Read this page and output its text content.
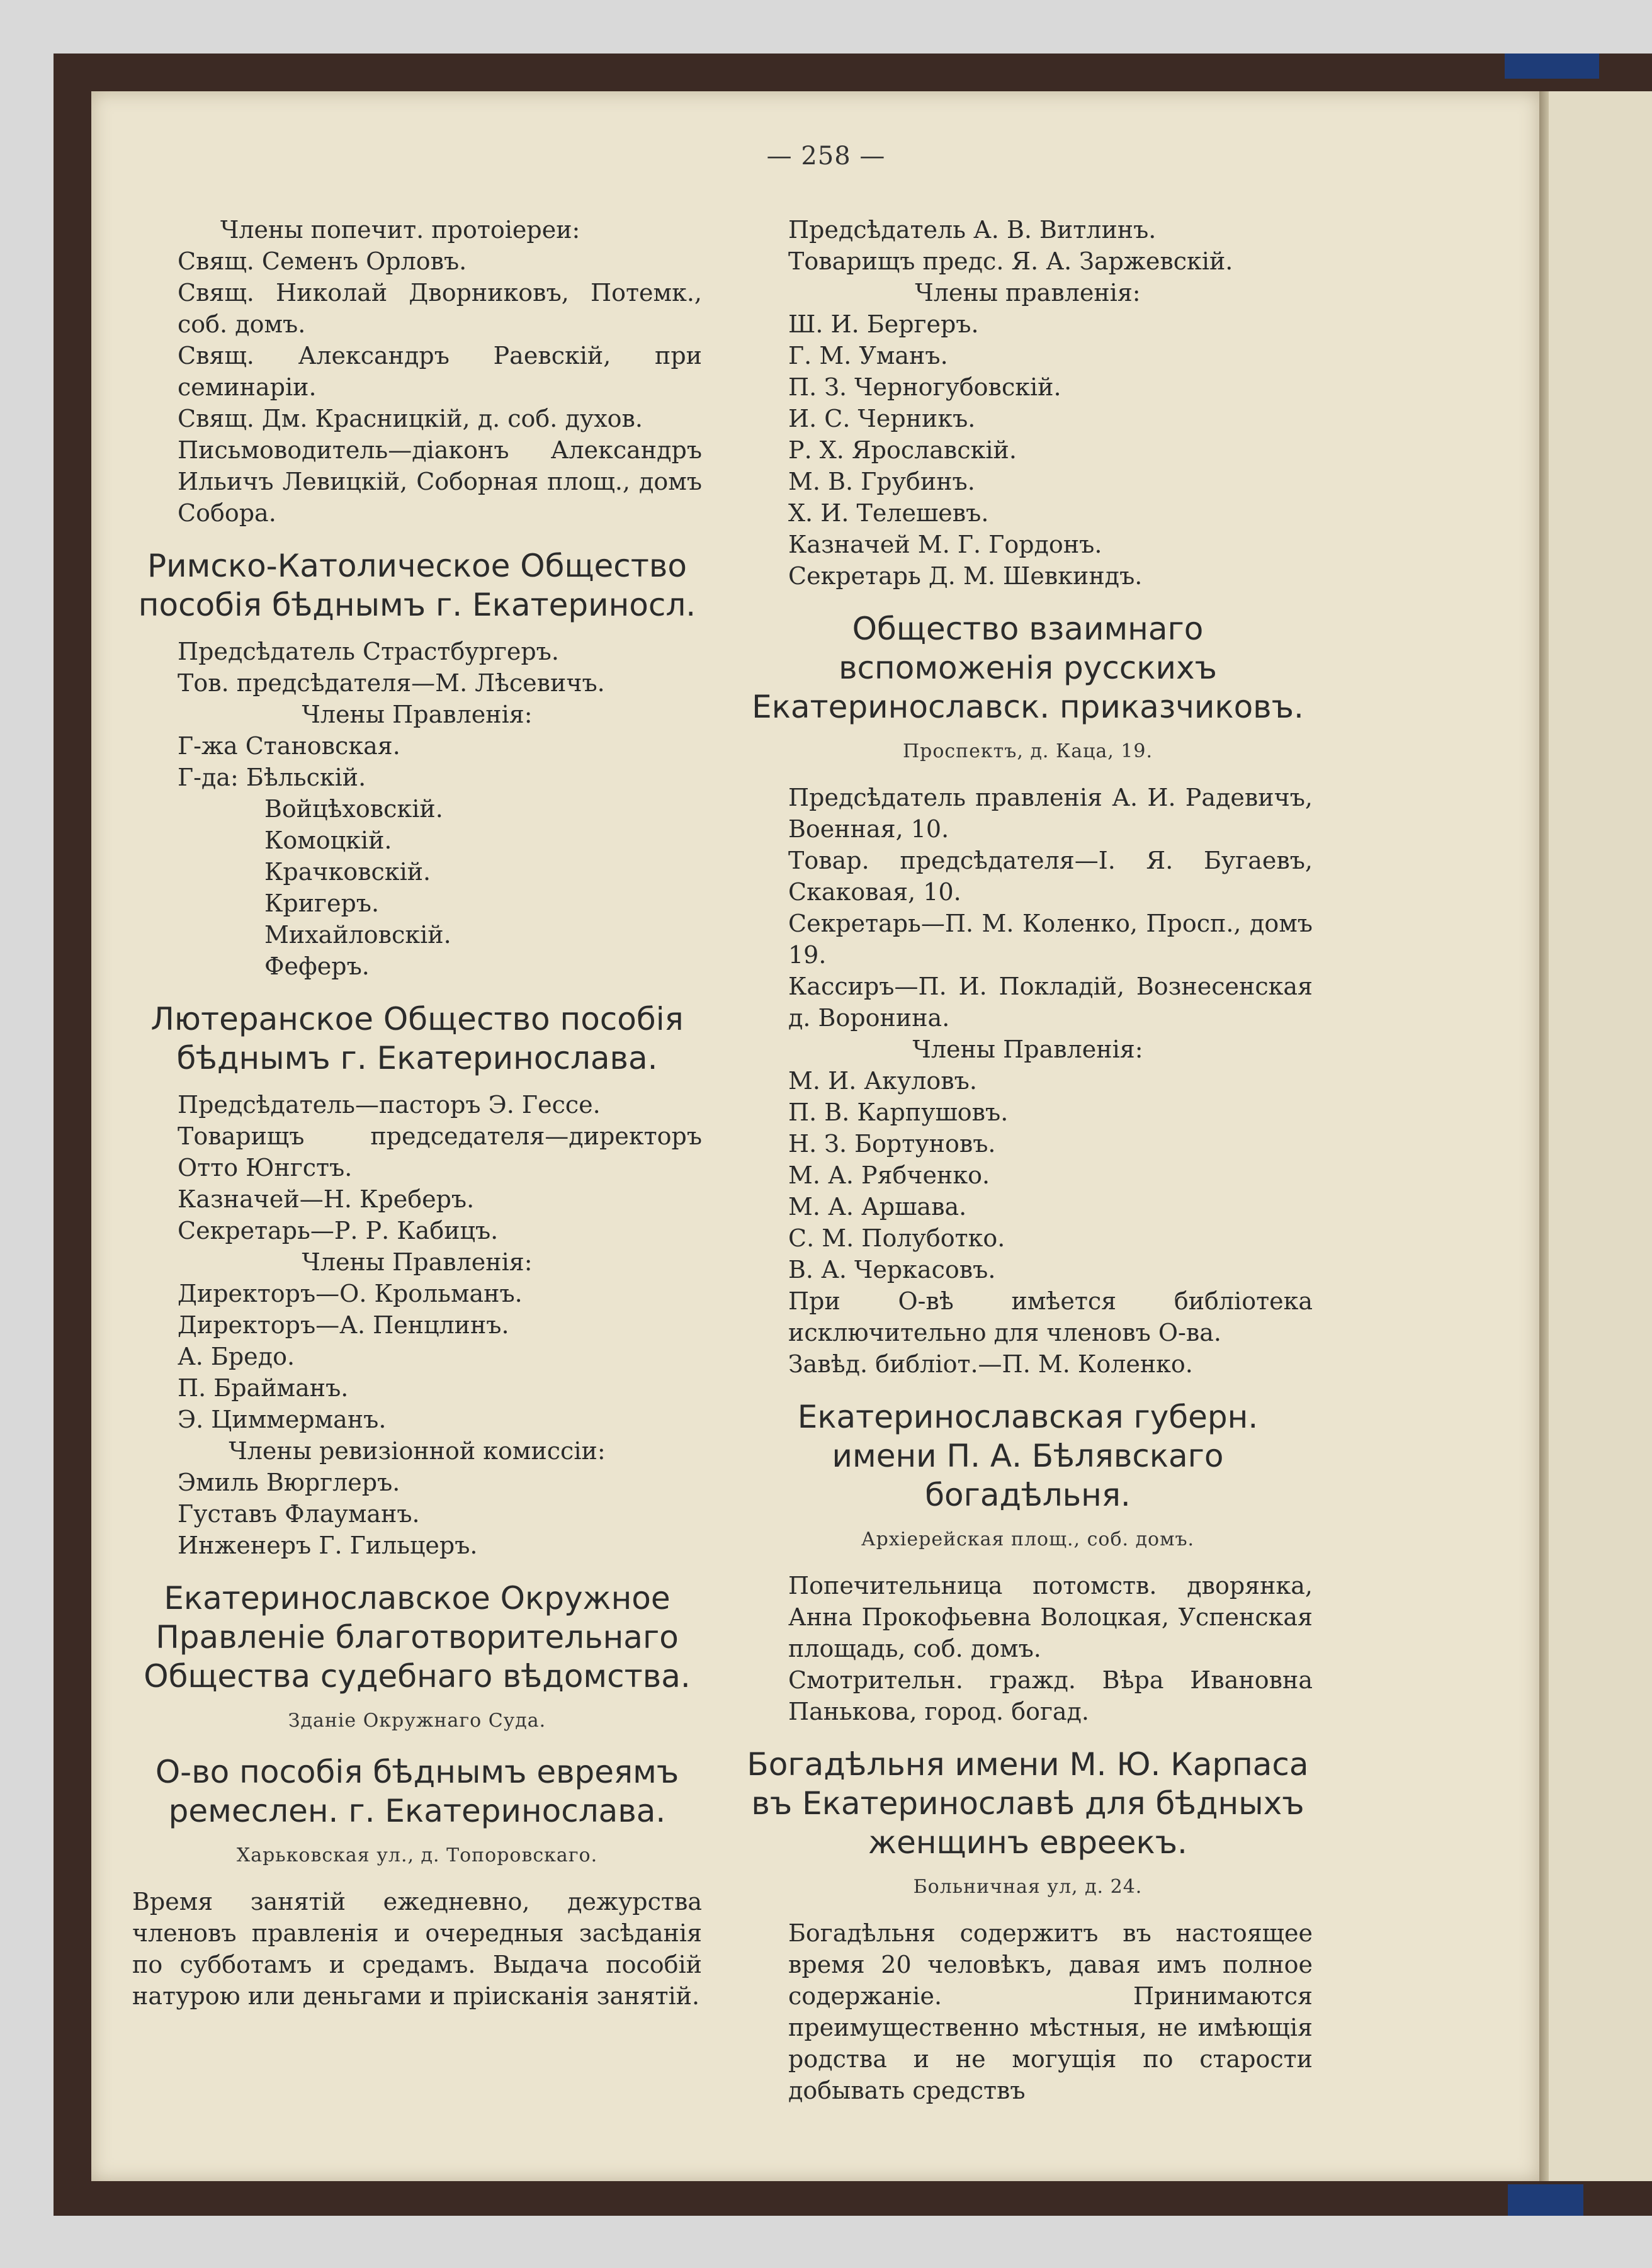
— 258 —

Члены попечит. протоіереи:

Свящ. Семенъ Орловъ.

Свящ. Николай Дворниковъ, Потемк., соб. домъ.

Свящ. Александръ Раевскій, при семинаріи.

Свящ. Дм. Красницкій, д. соб. духов.

Письмоводитель—діаконъ Александръ Ильичъ Левицкій, Соборная площ., домъ Собора.

Римско-Католическое Общество пособія бѣднымъ г. Екатериносл.

Предсѣдатель Страстбургеръ.

Тов. предсѣдателя—М. Лѣсевичъ.

Члены Правленія:

Г-жа Становская.

Г-да: Бѣльскій.

Войцѣховскій.

Комоцкій.

Крачковскій.

Кригеръ.

Михайловскій.

Феферъ.

Лютеранское Общество пособія бѣднымъ г. Екатеринослава.

Предсѣдатель—пасторъ Э. Гессе.

Товарищъ председателя—директоръ Отто Юнгстъ.

Казначей—Н. Креберъ.

Секретарь—Р. Р. Кабицъ.

Члены Правленія:

Директоръ—О. Крольманъ.

Директоръ—А. Пенцлинъ.

А. Бредо.

П. Брайманъ.

Э. Циммерманъ.

Члены ревизіонной комиссіи:

Эмиль Вюрглеръ.

Густавъ Флауманъ.

Инженеръ Г. Гильцеръ.

Екатеринославское Окружное Правленіе благотворительнаго Общества судебнаго вѣдомства.
Зданіе Окружнаго Суда.
О-во пособія бѣднымъ евреямъ ремеслен. г. Екатеринослава.
Харьковская ул., д. Топоровскаго.

Время занятій ежедневно, дежурства членовъ правленія и очередныя засѣданія по субботамъ и средамъ. Выдача пособій натурою или деньгами и пріисканія занятій.

Предсѣдатель А. В. Витлинъ.

Товарищъ предс. Я. А. Заржевскій.

Члены правленія:

Ш. И. Бергеръ.

Г. М. Уманъ.

П. З. Черногубовскій.

И. С. Черникъ.

Р. Х. Ярославскій.

М. В. Грубинъ.

Х. И. Телешевъ.

Казначей М. Г. Гордонъ.

Секретарь Д. М. Шевкиндъ.

Общество взаимнаго вспоможенія русскихъ Екатеринославск. приказчиковъ.
Проспектъ, д. Каца, 19.

Предсѣдатель правленія А. И. Радевичъ, Военная, 10.

Товар. предсѣдателя—І. Я. Бугаевъ, Скаковая, 10.

Секретарь—П. М. Коленко, Просп., домъ 19.

Кассиръ—П. И. Покладій, Вознесенская д. Воронина.

Члены Правленія:

М. И. Акуловъ.

П. В. Карпушовъ.

Н. З. Бортуновъ.

М. А. Рябченко.

М. А. Аршава.

С. М. Полуботко.

В. А. Черкасовъ.

При О-вѣ имѣется библіотека исключительно для членовъ О-ва.

Завѣд. библіот.—П. М. Коленко.

Екатеринославская губерн. имени П. А. Бѣлявскаго богадѣльня.
Архіерейская площ., соб. домъ.

Попечительница потомств. дворянка, Анна Прокофьевна Волоцкая, Успенская площадь, соб. домъ.

Смотрительн. гражд. Вѣра Ивановна Панькова, город. богад.

Богадѣльня имени М. Ю. Карпаса въ Екатеринославѣ для бѣдныхъ женщинъ евреекъ.
Больничная ул, д. 24.

Богадѣльня содержитъ въ настоящее время 20 человѣкъ, давая имъ полное содержаніе. Принимаются преимущественно мѣстныя, не имѣющія родства и не могущія по старости добывать средствъ
